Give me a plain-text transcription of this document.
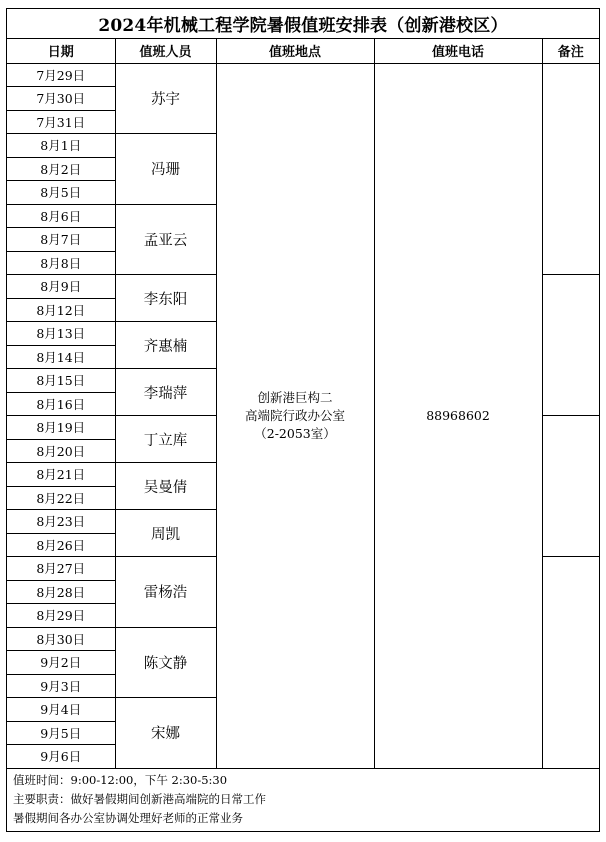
2024年机械工程学院暑假值班安排表（创新港校区）
日期	值班人员	值班地点	值班电话	备注
7月29日	苏宇	创新港巨构二
高端院行政办公室
（2-2053室）	88968602	
7月30日				
7月31日				
8月1日	冯珊			
8月2日				
8月5日				
8月6日	孟亚云			
8月7日				
8月8日				
8月9日	李东阳			
8月12日				
8月13日	齐惠楠			
8月14日				
8月15日	李瑞萍			
8月16日				
8月19日	丁立库			
8月20日				
8月21日	吴曼倩			
8月22日				
8月23日	周凯			
8月26日				
8月27日	雷杨浩			
8月28日				
8月29日				
8月30日	陈文静			
9月2日				
9月3日				
9月4日	宋娜			
9月5日				
9月6日				
值班时间：9:00-12:00，下午 2:30-5:30
主要职责：做好暑假期间创新港高端院的日常工作
暑假期间各办公室协调处理好老师的正常业务
